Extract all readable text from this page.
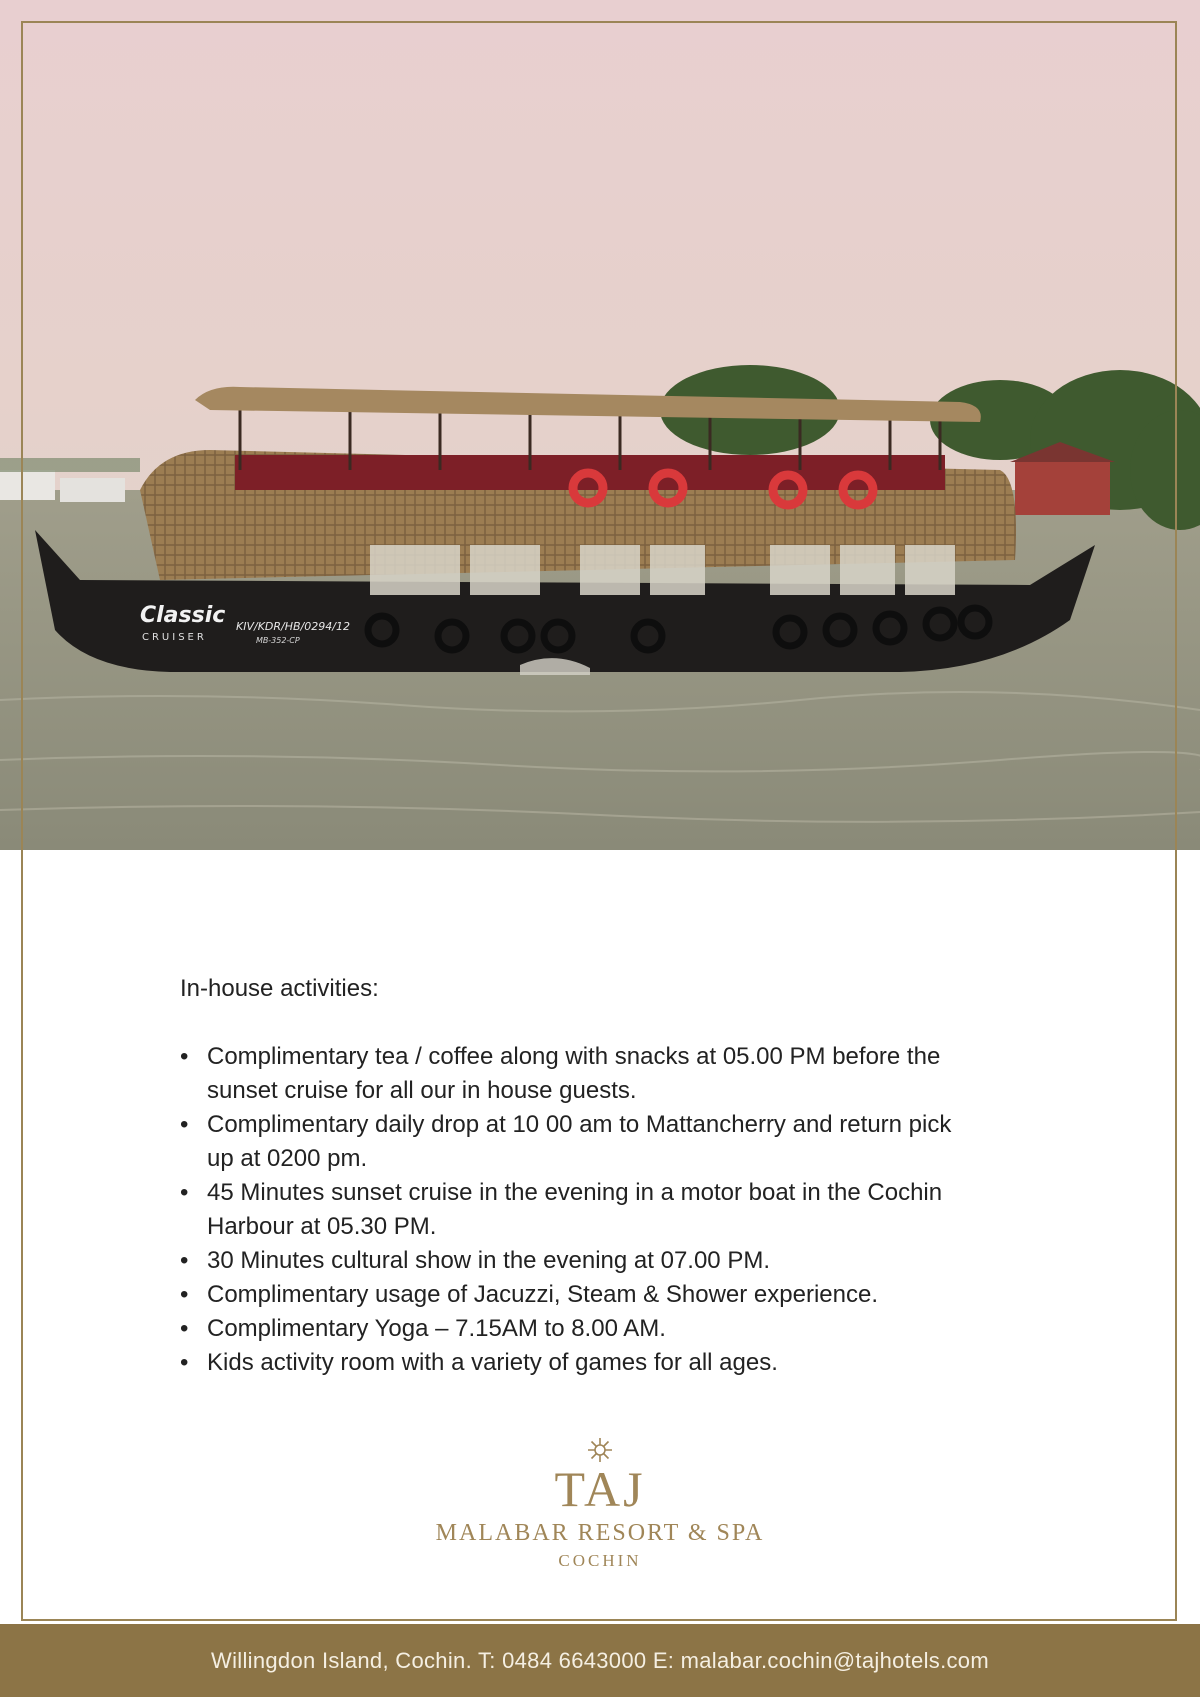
Classic
CRUISER
KIV/KDR/HB/0294/12
MB-352-CP

In-house activities:

• Complimentary tea / coffee along with snacks at 05.00 PM before the
sunset cruise for all our in house guests.
• Complimentary daily drop at 10 00 am to Mattancherry and return pick
up at 0200 pm.
• 45 Minutes sunset cruise in the evening in a motor boat in the Cochin
Harbour at 05.30 PM.
• 30 Minutes cultural show in the evening at 07.00 PM.
• Complimentary usage of Jacuzzi, Steam & Shower experience.
• Complimentary Yoga – 7.15AM to 8.00 AM.
• Kids activity room with a variety of games for all ages.
TAJ
MALABAR RESORT & SPA
COCHIN
Willingdon Island, Cochin. T: 0484 6643000 E: malabar.cochin@tajhotels.com
